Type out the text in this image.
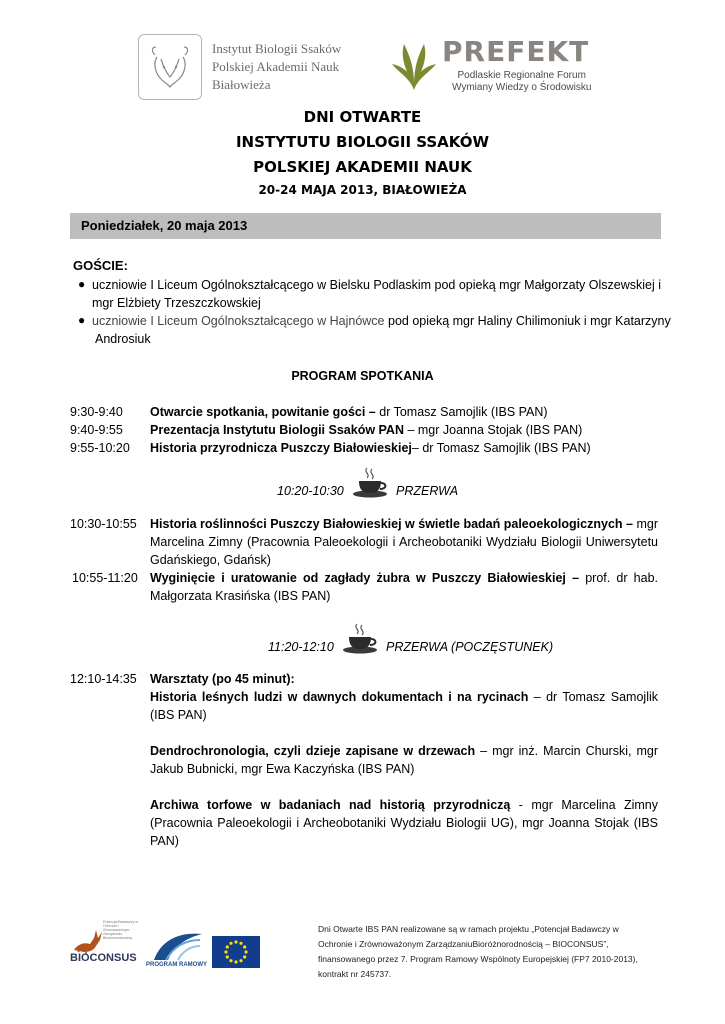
Instytut Biologii Ssaków
Polskiej Akademii Nauk
Białowieża
PREFEKT
Podlaskie Regionalne Forum
Wymiany Wiedzy o Środowisku
DNI OTWARTE
INSTYTUTU BIOLOGII SSAKÓW
POLSKIEJ AKADEMII NAUK
20-24 MAJA 2013, BIAŁOWIEŻA
Poniedziałek, 20 maja 2013
GOŚCIE:
● uczniowie I Liceum Ogólnokształcącego w Bielsku Podlaskim pod opieką mgr Małgorzaty Olszewskiej i
mgr Elżbiety Trzeszczkowskiej
● uczniowie I Liceum Ogólnokształcącego w Hajnówce pod opieką mgr Haliny Chilimoniuk i mgr Katarzyny
Androsiuk
PROGRAM SPOTKANIA
9:30-9:40 Otwarcie spotkania, powitanie gości – dr Tomasz Samojlik (IBS PAN)
9:40-9:55 Prezentacja Instytutu Biologii Ssaków PAN – mgr Joanna Stojak (IBS PAN)
9:55-10:20 Historia przyrodnicza Puszczy Białowieskiej– dr Tomasz Samojlik (IBS PAN)
10:20-10:30	PRZERWA
10:30-10:55 Historia roślinności Puszczy Białowieskiej w świetle badań paleoekologicznych – mgr Marcelina Zimny (Pracownia Paleoekologii i Archeobotaniki Wydziału Biologii Uniwersytetu Gdańskiego, Gdańsk)
10:55-11:20 Wyginięcie i uratowanie od zagłady żubra w Puszczy Białowieskiej – prof. dr hab. Małgorzata Krasińska (IBS PAN)
11:20-12:10	PRZERWA (POCZĘSTUNEK)
12:10-14:35 Warsztaty (po 45 minut):
Historia leśnych ludzi w dawnych dokumentach i na rycinach – dr Tomasz Samojlik (IBS PAN)
Dendrochronologia, czyli dzieje zapisane w drzewach – mgr inż. Marcin Churski, mgr Jakub Bubnicki, mgr Ewa Kaczyńska (IBS PAN)
Archiwa torfowe w badaniach nad historią przyrodniczą - mgr Marcelina Zimny (Pracownia Paleoekologii i Archeobotaniki Wydziału Biologii UG), mgr Joanna Stojak (IBS PAN)
Potencjał Badawczy w Ochronie i Zrównoważonym Zarządzaniu Bioróżnorodnością
BIOCONSUS
PROGRAM RAMOWY
Dni Otwarte IBS PAN realizowane są w ramach projektu „Potencjał Badawczy w Ochronie i Zrównoważonym ZarządzaniuBioróżnorodnością – BIOCONSUS”, finansowanego przez 7. Program Ramowy Wspólnoty Europejskiej (FP7 2010-2013), kontrakt nr 245737.
